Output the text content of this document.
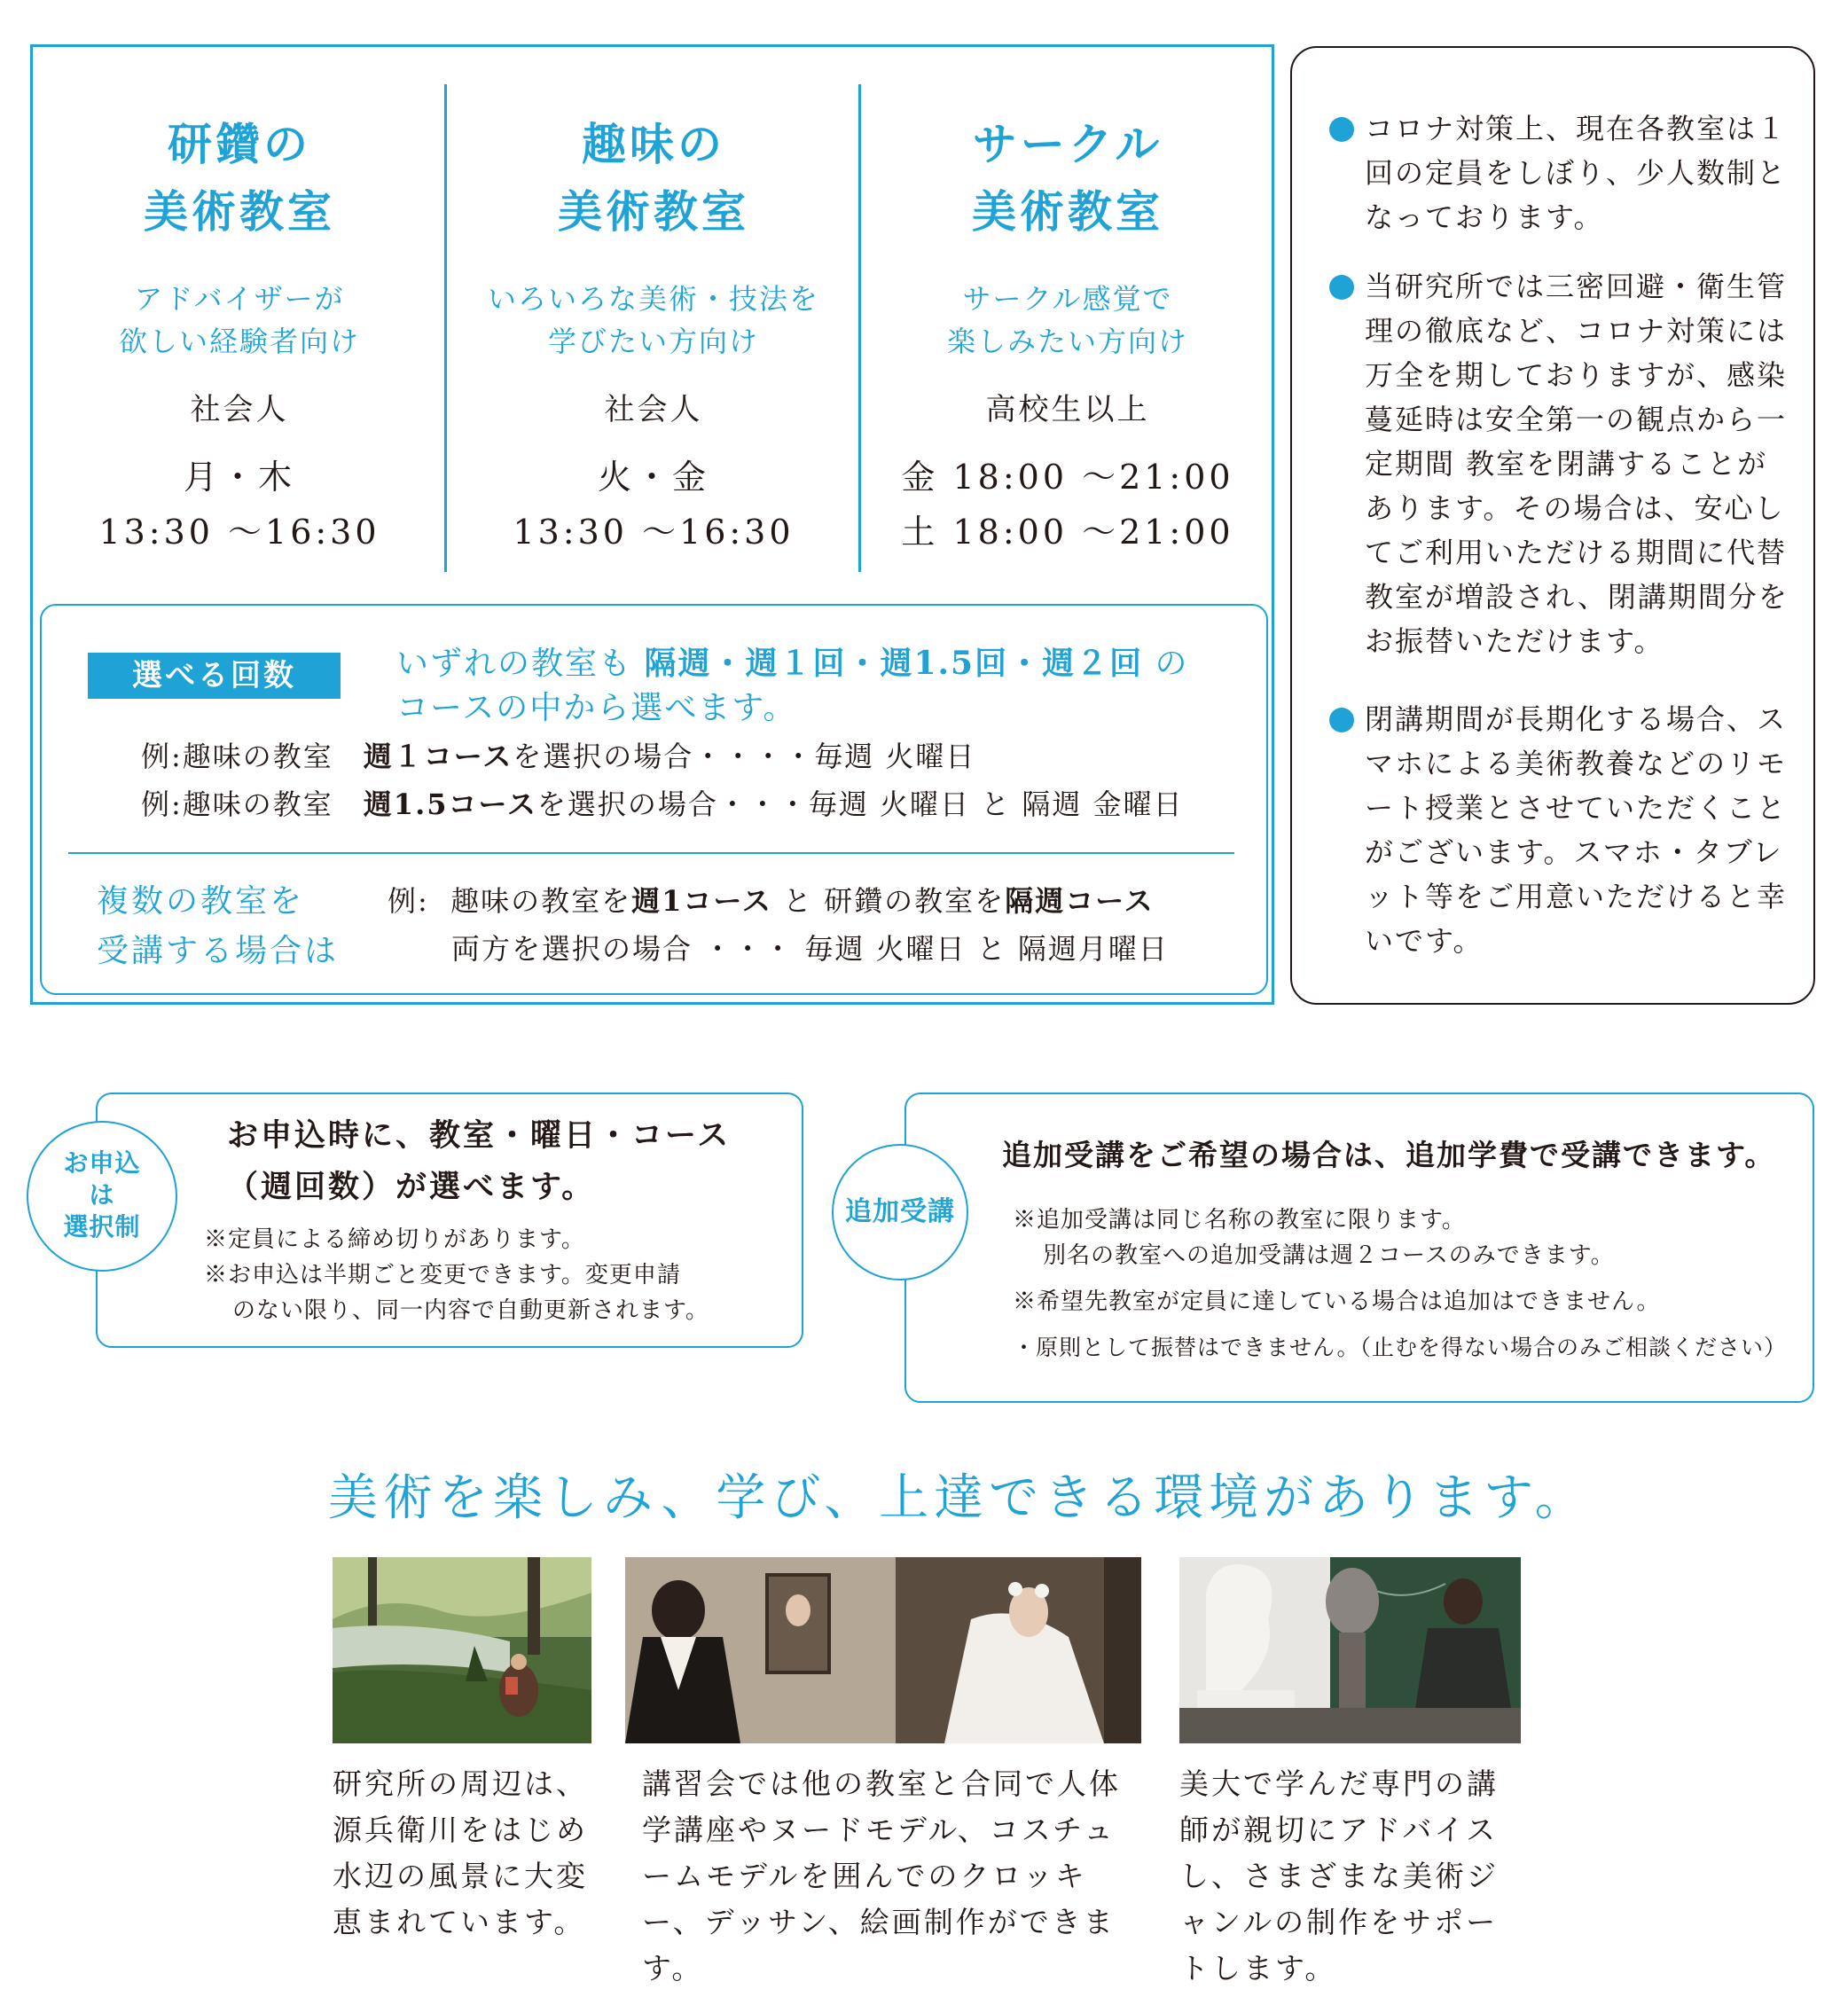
研鑽の
美術教室
アドバイザーが
欲しい経験者向け
社会人
月・木
13:30 〜16:30
趣味の
美術教室
いろいろな美術・技法を
学びたい方向け
社会人
火・金
13:30 〜16:30
サークル
美術教室
サークル感覚で
楽しみたい方向け
高校生以上
金 18:00 〜21:00
土 18:00 〜21:00
選べる回数	いずれの教室も 隔週・週１回・週1.5回・週２回 の
コースの中から選べます。
例:趣味の教室　週１コースを選択の場合・・・・毎週 火曜日
例:趣味の教室　週1.5コースを選択の場合・・・毎週 火曜日 と 隔週 金曜日
複数の教室を
受講する場合は
例: 趣味の教室を週1コース と 研鑽の教室を隔週コース
両方を選択の場合 ・・・ 毎週 火曜日 と 隔週月曜日

コロナ対策上、現在各教室は１回の定員をしぼり、少人数制となっております。

当研究所では三密回避・衛生管理の徹底など、コロナ対策には万全を期しておりますが、感染蔓延時は安全第一の観点から一定期間 教室を閉講することがあります。その場合は、安心してご利用いただける期間に代替教室が増設され、閉講期間分をお振替いただけます。

閉講期間が長期化する場合、スマホによる美術教養などのリモート授業とさせていただくことがございます。スマホ・タブレット等をご用意いただけると幸いです。

お申込
は
選択制
お申込時に、教室・曜日・コース
（週回数）が選べます。
※定員による締め切りがあります。
※お申込は半期ごと変更できます。変更申請
のない限り、同一内容で自動更新されます。
追加受講
追加受講をご希望の場合は、追加学費で受講できます。
※追加受講は同じ名称の教室に限ります。
別名の教室への追加受講は週２コースのみできます。
※希望先教室が定員に達している場合は追加はできません。
・原則として振替はできません。（止むを得ない場合のみご相談ください）
美術を楽しみ、学び、上達できる環境があります。
研究所の周辺は、源兵衛川をはじめ水辺の風景に大変恵まれています。
講習会では他の教室と合同で人体学講座やヌードモデル、コスチュームモデルを囲んでのクロッキー、デッサン、絵画制作ができます。
美大で学んだ専門の講師が親切にアドバイスし、さまざまな美術ジャンルの制作をサポートします。
